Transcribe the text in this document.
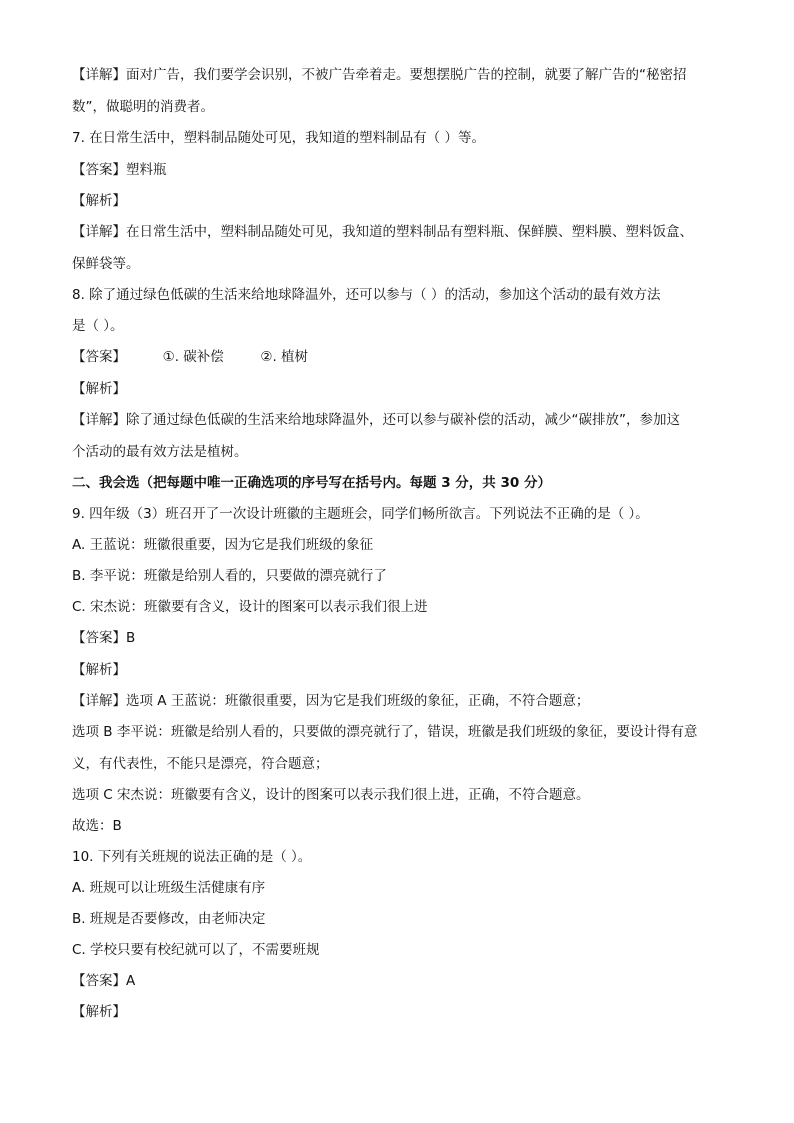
【详解】面对广告，我们要学会识别，不被广告牵着走。要想摆脱广告的控制，就要了解广告的“秘密招
数”，做聪明的消费者。
7. 在日常生活中，塑料制品随处可见，我知道的塑料制品有（ ）等。
【答案】塑料瓶
【解析】
【详解】在日常生活中，塑料制品随处可见，我知道的塑料制品有塑料瓶、保鲜膜、塑料膜、塑料饭盒、
保鲜袋等。
8. 除了通过绿色低碳的生活来给地球降温外，还可以参与（ ）的活动，参加这个活动的最有效方法
是（ ）。
【答案】	①. 碳补偿	②. 植树
【解析】
【详解】除了通过绿色低碳的生活来给地球降温外，还可以参与碳补偿的活动，减少“碳排放”，参加这
个活动的最有效方法是植树。
二、我会选（把每题中唯一正确选项的序号写在括号内。每题 3 分，共 30 分）
9. 四年级（3）班召开了一次设计班徽的主题班会，同学们畅所欲言。下列说法不正确的是（ ）。
A. 王蓝说：班徽很重要，因为它是我们班级的象征
B. 李平说：班徽是给别人看的，只要做的漂亮就行了
C. 宋杰说：班徽要有含义，设计的图案可以表示我们很上进
【答案】B
【解析】
【详解】选项 A 王蓝说：班徽很重要，因为它是我们班级的象征，正确，不符合题意；
选项 B 李平说：班徽是给别人看的，只要做的漂亮就行了，错误，班徽是我们班级的象征，要设计得有意
义，有代表性，不能只是漂亮，符合题意；
选项 C 宋杰说：班徽要有含义，设计的图案可以表示我们很上进，正确，不符合题意。
故选：B
10. 下列有关班规的说法正确的是（ ）。
A. 班规可以让班级生活健康有序
B. 班规是否要修改，由老师决定
C. 学校只要有校纪就可以了，不需要班规
【答案】A
【解析】
